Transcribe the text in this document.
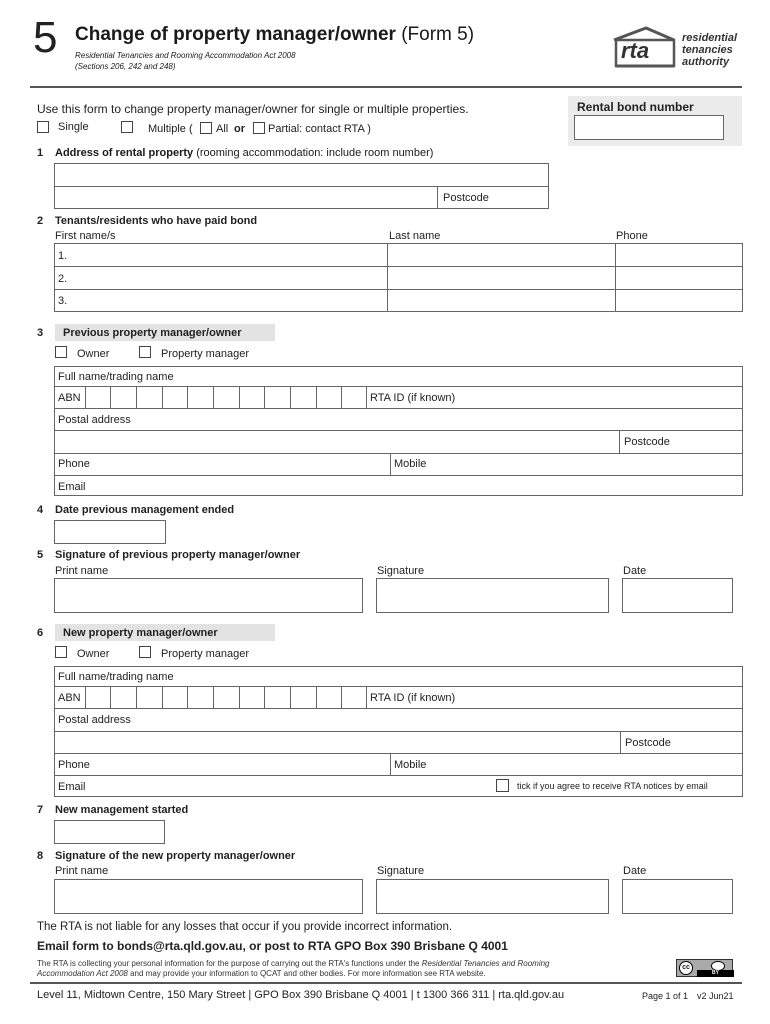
5 Change of property manager/owner (Form 5)
Residential Tenancies and Rooming Accommodation Act 2008
(Sections 206, 242 and 248)
rta	residential
tenancies
authority
Use this form to change property manager/owner for single or multiple properties.
Single	Multiple ( All or Partial: contact RTA )
Rental bond number
1 Address of rental property (rooming accommodation: include room number)
Postcode
2 Tenants/residents who have paid bond
First name/s	Last name	Phone
1.
2.
3.
3 Previous property manager/owner
Owner	Property manager
Full name/trading name
ABN	RTA ID (if known)
Postal address
Postcode
Phone	Mobile
Email
4 Date previous management ended
5 Signature of previous property manager/owner
Print name	Signature	Date
6 New property manager/owner
Owner	Property manager
Full name/trading name
ABN	RTA ID (if known)
Postal address
Postcode
Phone	Mobile
Email	tick if you agree to receive RTA notices by email
7 New management started
8 Signature of the new property manager/owner
Print name	Signature	Date
The RTA is not liable for any losses that occur if you provide incorrect information.
Email form to bonds@rta.qld.gov.au, or post to RTA GPO Box 390 Brisbane Q 4001
The RTA is collecting your personal information for the purpose of carrying out the RTA's functions under the Residential Tenancies and Rooming
Accommodation Act 2008 and may provide your information to QCAT and other bodies. For more information see RTA website.
cc
BY
Level 11, Midtown Centre, 150 Mary Street | GPO Box 390 Brisbane Q 4001 | t 1300 366 311 | rta.qld.gov.au	Page 1 of 1 v2 Jun21
